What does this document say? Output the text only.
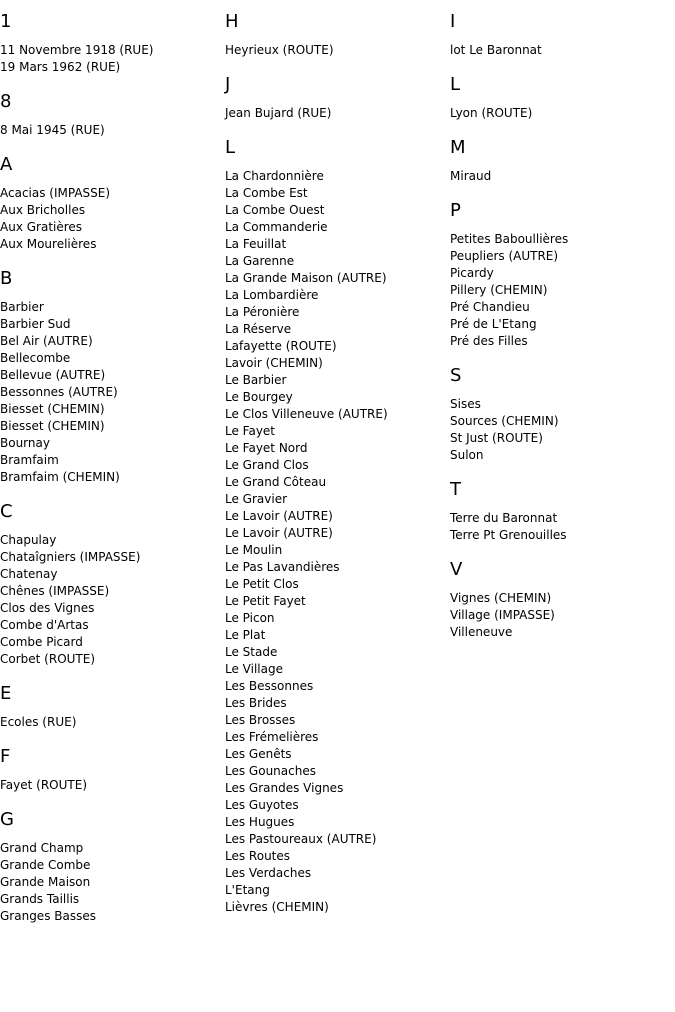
1
11 Novembre 1918 (RUE)
19 Mars 1962 (RUE)
8
8 Mai 1945 (RUE)
A
Acacias (IMPASSE)
Aux Bricholles
Aux Gratières
Aux Mourelières
B
Barbier
Barbier Sud
Bel Air (AUTRE)
Bellecombe
Bellevue (AUTRE)
Bessonnes (AUTRE)
Biesset (CHEMIN)
Biesset (CHEMIN)
Bournay
Bramfaim
Bramfaim (CHEMIN)
C
Chapulay
Chataîgniers (IMPASSE)
Chatenay
Chênes (IMPASSE)
Clos des Vignes
Combe d'Artas
Combe Picard
Corbet (ROUTE)
E
Ecoles (RUE)
F
Fayet (ROUTE)
G
Grand Champ
Grande Combe
Grande Maison
Grands Taillis
Granges Basses
H
Heyrieux (ROUTE)
J
Jean Bujard (RUE)
L
La Chardonnière
La Combe Est
La Combe Ouest
La Commanderie
La Feuillat
La Garenne
La Grande Maison (AUTRE)
La Lombardière
La Péronière
La Réserve
Lafayette (ROUTE)
Lavoir (CHEMIN)
Le Barbier
Le Bourgey
Le Clos Villeneuve (AUTRE)
Le Fayet
Le Fayet Nord
Le Grand Clos
Le Grand Côteau
Le Gravier
Le Lavoir (AUTRE)
Le Lavoir (AUTRE)
Le Moulin
Le Pas Lavandières
Le Petit Clos
Le Petit Fayet
Le Picon
Le Plat
Le Stade
Le Village
Les Bessonnes
Les Brides
Les Brosses
Les Frémelières
Les Genêts
Les Gounaches
Les Grandes Vignes
Les Guyotes
Les Hugues
Les Pastoureaux (AUTRE)
Les Routes
Les Verdaches
L'Etang
Lièvres (CHEMIN)
I
lot Le Baronnat
L
Lyon (ROUTE)
M
Miraud
P
Petites Baboullières
Peupliers (AUTRE)
Picardy
Pillery (CHEMIN)
Pré Chandieu
Pré de L'Etang
Pré des Filles
S
Sises
Sources (CHEMIN)
St Just (ROUTE)
Sulon
T
Terre du Baronnat
Terre Pt Grenouilles
V
Vignes (CHEMIN)
Village (IMPASSE)
Villeneuve
